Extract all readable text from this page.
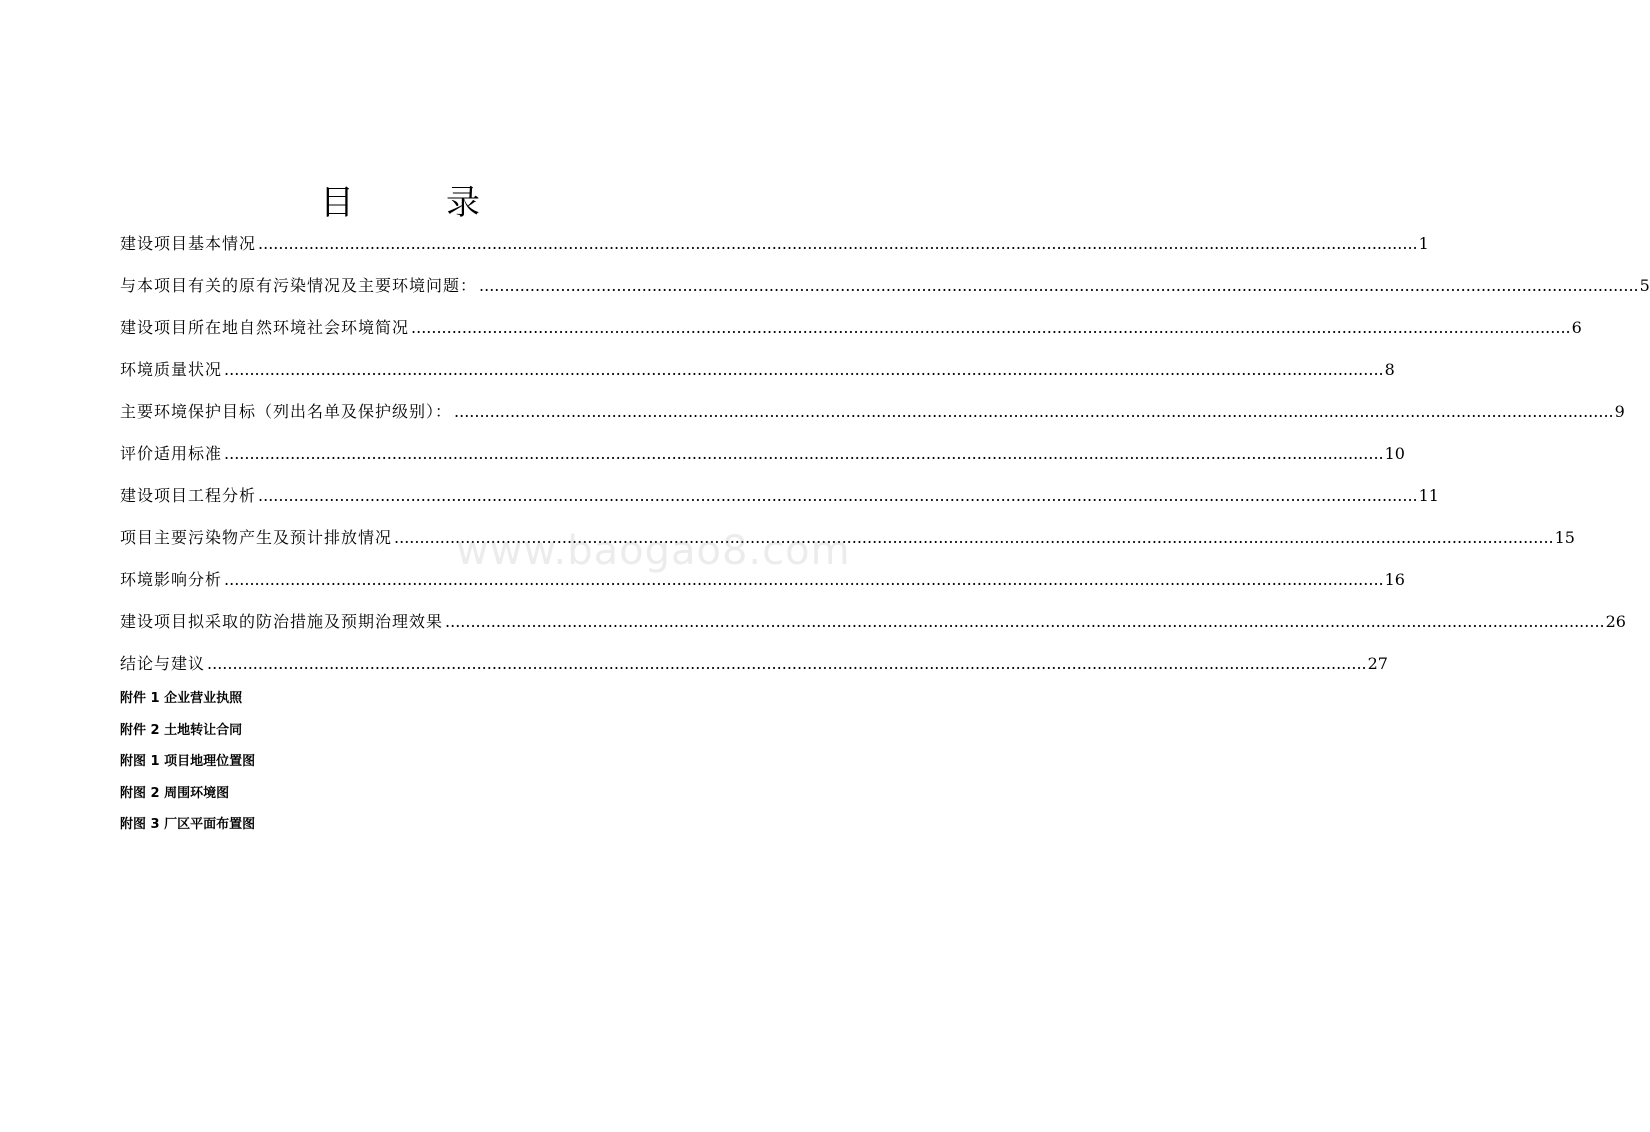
目	录
建设项目基本情况 .....	1
与本项目有关的原有污染情况及主要环境问题： .....	5
建设项目所在地自然环境社会环境简况 .....	6
环境质量状况 .....	8
主要环境保护目标（列出名单及保护级别）： .....	9
评价适用标准 .....	10
建设项目工程分析 .....	11
项目主要污染物产生及预计排放情况 .....	15
环境影响分析 .....	16
建设项目拟采取的防治措施及预期治理效果 .....	26
结论与建议 .....	27
附件 1 企业营业执照
附件 2 土地转让合同
附图 1 项目地理位置图
附图 2 周围环境图
附图 3 厂区平面布置图
www.baogao8.com
